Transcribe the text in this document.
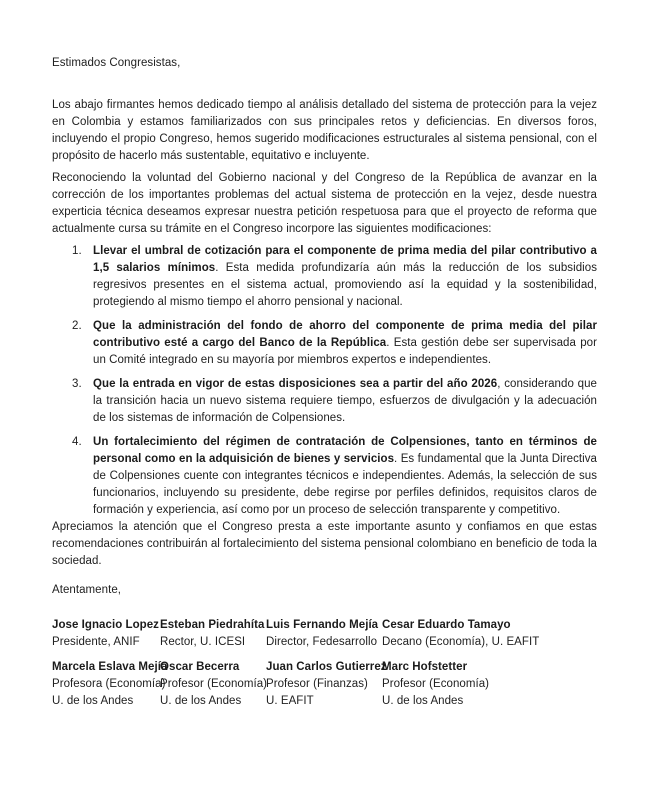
Estimados Congresistas,

Los abajo firmantes hemos dedicado tiempo al análisis detallado del sistema de protección para la vejez en Colombia y estamos familiarizados con sus principales retos y deficiencias. En diversos foros, incluyendo el propio Congreso, hemos sugerido modificaciones estructurales al sistema pensional, con el propósito de hacerlo más sustentable, equitativo e incluyente.

Reconociendo la voluntad del Gobierno nacional y del Congreso de la República de avanzar en la corrección de los importantes problemas del actual sistema de protección en la vejez, desde nuestra experticia técnica deseamos expresar nuestra petición respetuosa para que el proyecto de reforma que actualmente cursa su trámite en el Congreso incorpore las siguientes modificaciones:

1. Llevar el umbral de cotización para el componente de prima media del pilar contributivo a 1,5 salarios mínimos. Esta medida profundizaría aún más la reducción de los subsidios regresivos presentes en el sistema actual, promoviendo así la equidad y la sostenibilidad, protegiendo al mismo tiempo el ahorro pensional y nacional.

2. Que la administración del fondo de ahorro del componente de prima media del pilar contributivo esté a cargo del Banco de la República. Esta gestión debe ser supervisada por un Comité integrado en su mayoría por miembros expertos e independientes.

3. Que la entrada en vigor de estas disposiciones sea a partir del año 2026, considerando que la transición hacia un nuevo sistema requiere tiempo, esfuerzos de divulgación y la adecuación de los sistemas de información de Colpensiones.

4. Un fortalecimiento del régimen de contratación de Colpensiones, tanto en términos de personal como en la adquisición de bienes y servicios. Es fundamental que la Junta Directiva de Colpensiones cuente con integrantes técnicos e independientes. Además, la selección de sus funcionarios, incluyendo su presidente, debe regirse por perfiles definidos, requisitos claros de formación y experiencia, así como por un proceso de selección transparente y competitivo.

Apreciamos la atención que el Congreso presta a este importante asunto y confiamos en que estas recomendaciones contribuirán al fortalecimiento del sistema pensional colombiano en beneficio de toda la sociedad.

Atentamente,

Jose Ignacio Lopez
Presidente, ANIF
Esteban Piedrahíta
Rector, U. ICESI
Luis Fernando Mejía
Director, Fedesarrollo
Cesar Eduardo Tamayo
Decano (Economía), U. EAFIT
Marcela Eslava Mejía
Profesora (Economía)
U. de los Andes
Oscar Becerra
Profesor (Economía)
U. de los Andes
Juan Carlos Gutierrez
Profesor (Finanzas)
U. EAFIT
Marc Hofstetter
Profesor (Economía)
U. de los Andes
